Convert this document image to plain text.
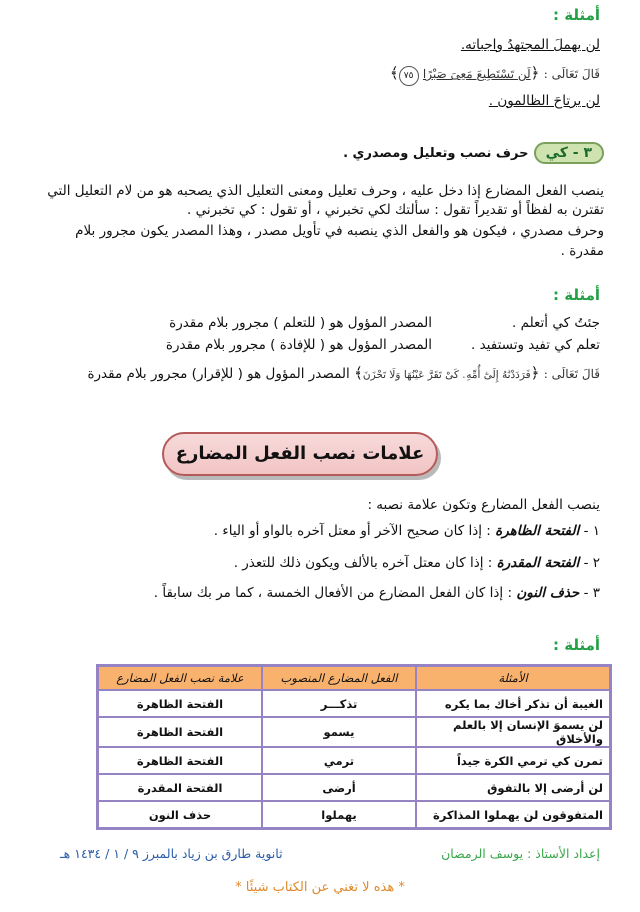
أمثلة :
لن يهملَ المجتهدُ واجباته.
قَالَ تَعَالَى : ﴿لَن تَسْتَطِيعَ مَعِىَ صَبْرًا ٧٥﴾
لن يرتاحَ الظالمون .
٣ - كي حرف نصب وتعليل ومصدري .
ينصب الفعل المضارع إذا دخل عليه ، وحرف تعليل ومعنى التعليل الذي يصحبه هو من لام التعليل التي
تقترن به لفظاً أو تقديراً تقول : سألتك لكي تخبرني ، أو تقول : كي تخبرني .
وحرف مصدري ، فيكون هو والفعل الذي ينصبه في تأويل مصدر ، وهذا المصدر يكون مجرور بلام
مقدرة .
أمثلة :
جئتُ كي أتعلم .
المصدر المؤول هو ( للتعلم ) مجرور بلام مقدرة
تعلم كي تفيد وتستفيد .
المصدر المؤول هو ( للإفادة ) مجرور بلام مقدرة
قَالَ تَعَالَى : ﴿فَرَدَدْنَٰهُ إِلَىٰٓ أُمِّهِۦ كَىْ تَقَرَّ عَيْنُهَا وَلَا تَحْزَنَ﴾ المصدر المؤول هو ( للإقرار) مجرور بلام مقدرة
علامات نصب الفعل المضارع
ينصب الفعل المضارع وتكون علامة نصبه :
١ - الفتحة الظاهرة : إذا كان صحيح الآخر أو معتل آخره بالواو أو الياء .
٢ - الفتحة المقدرة : إذا كان معتل آخره بالألف ويكون ذلك للتعذر .
٣ - حذف النون : إذا كان الفعل المضارع من الأفعال الخمسة ، كما مر بك سابقاً .
أمثلة :
الأمثلة	الفعل المضارع المنصوب	علامة نصب الفعل المضارع
الغيبة أن تذكر أخاك بما يكره	تذكـــر	الفتحة الظاهرة
لن يسموَ الإنسان إلا بالعلم والأخلاق	يسمو	الفتحة الظاهرة
تمرن كي ترمي الكرة جيداً	ترمي	الفتحة الظاهرة
لن أرضى إلا بالتفوق	أرضى	الفتحة المقدرة
المتفوقون لن يهملوا المذاكرة	يهملوا	حذف النون
إعداد الأستاذ : يوسف الرمضان
ثانوية طارق بن زياد بالمبرز ٩ / ١ / ١٤٣٤ هـ
* هذه لا تغني عن الكتاب شيئًا *
